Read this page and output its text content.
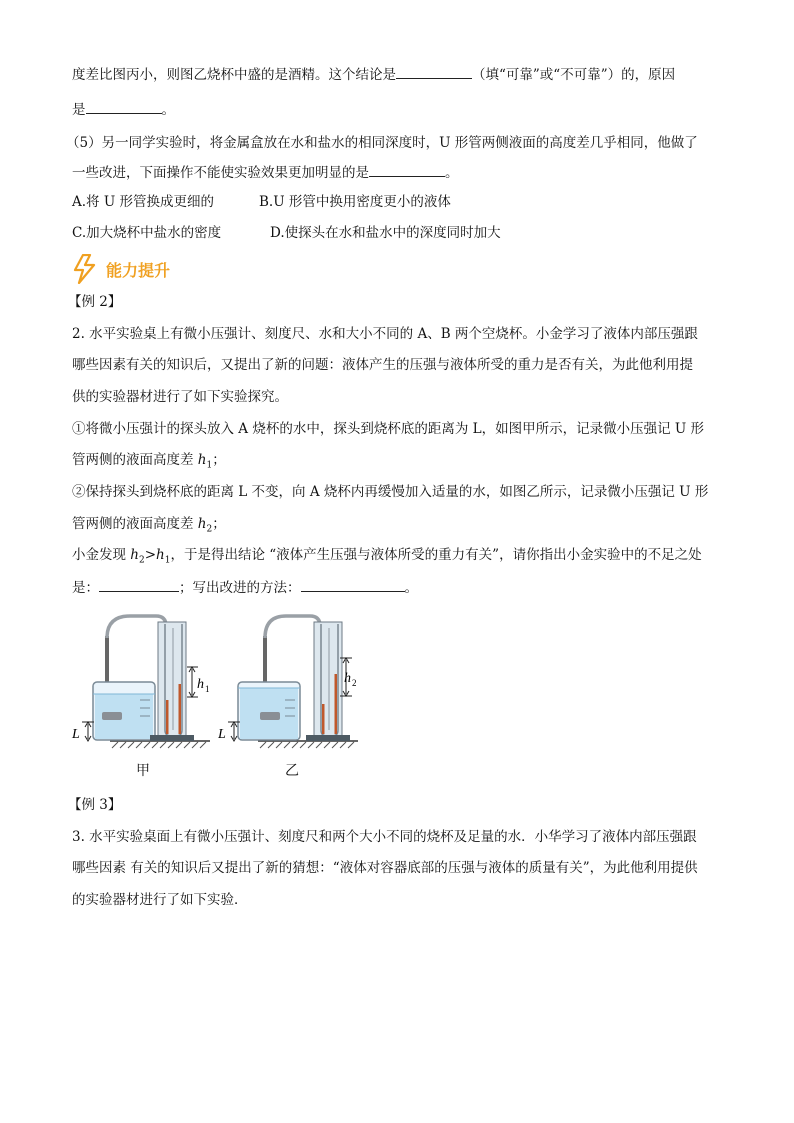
度差比图丙小，则图乙烧杯中盛的是酒精。这个结论是	（填“可靠”或“不可靠”）的，原因
是	。
（5）另一同学实验时，将金属盒放在水和盐水的相同深度时，U 形管两侧液面的高度差几乎相同，他做了
一些改进，下面操作不能使实验效果更加明显的是	。
A.将 U 形管换成更细的	B.U 形管中换用密度更小的液体
C.加大烧杯中盐水的密度	D.使探头在水和盐水中的深度同时加大
能力提升
【例 2】
2. 水平实验桌上有微小压强计、刻度尺、水和大小不同的 A、B 两个空烧杯。小金学习了液体内部压强跟
哪些因素有关的知识后，又提出了新的问题：液体产生的压强与液体所受的重力是否有关，为此他利用提
供的实验器材进行了如下实验探究。
①将微小压强计的探头放入 A 烧杯的水中，探头到烧杯底的距离为 L，如图甲所示，记录微小压强记 U 形
管两侧的液面高度差 $h_1$；
②保持探头到烧杯底的距离 L 不变，向 A 烧杯内再缓慢加入适量的水，如图乙所示，记录微小压强记 U 形
管两侧的液面高度差 $h_2$；
小金发现 $h_2>h_1$，于是得出结论 “液体产生压强与液体所受的重力有关”，请你指出小金实验中的不足之处
是：	；写出改进的方法：	。
h 1
L
甲
h 2
L
乙
【例 3】
3. 水平实验桌面上有微小压强计、刻度尺和两个大小不同的烧杯及足量的水．小华学习了液体内部压强跟
哪些因素 有关的知识后又提出了新的猜想：“液体对容器底部的压强与液体的质量有关”，为此他利用提供
的实验器材进行了如下实验．
